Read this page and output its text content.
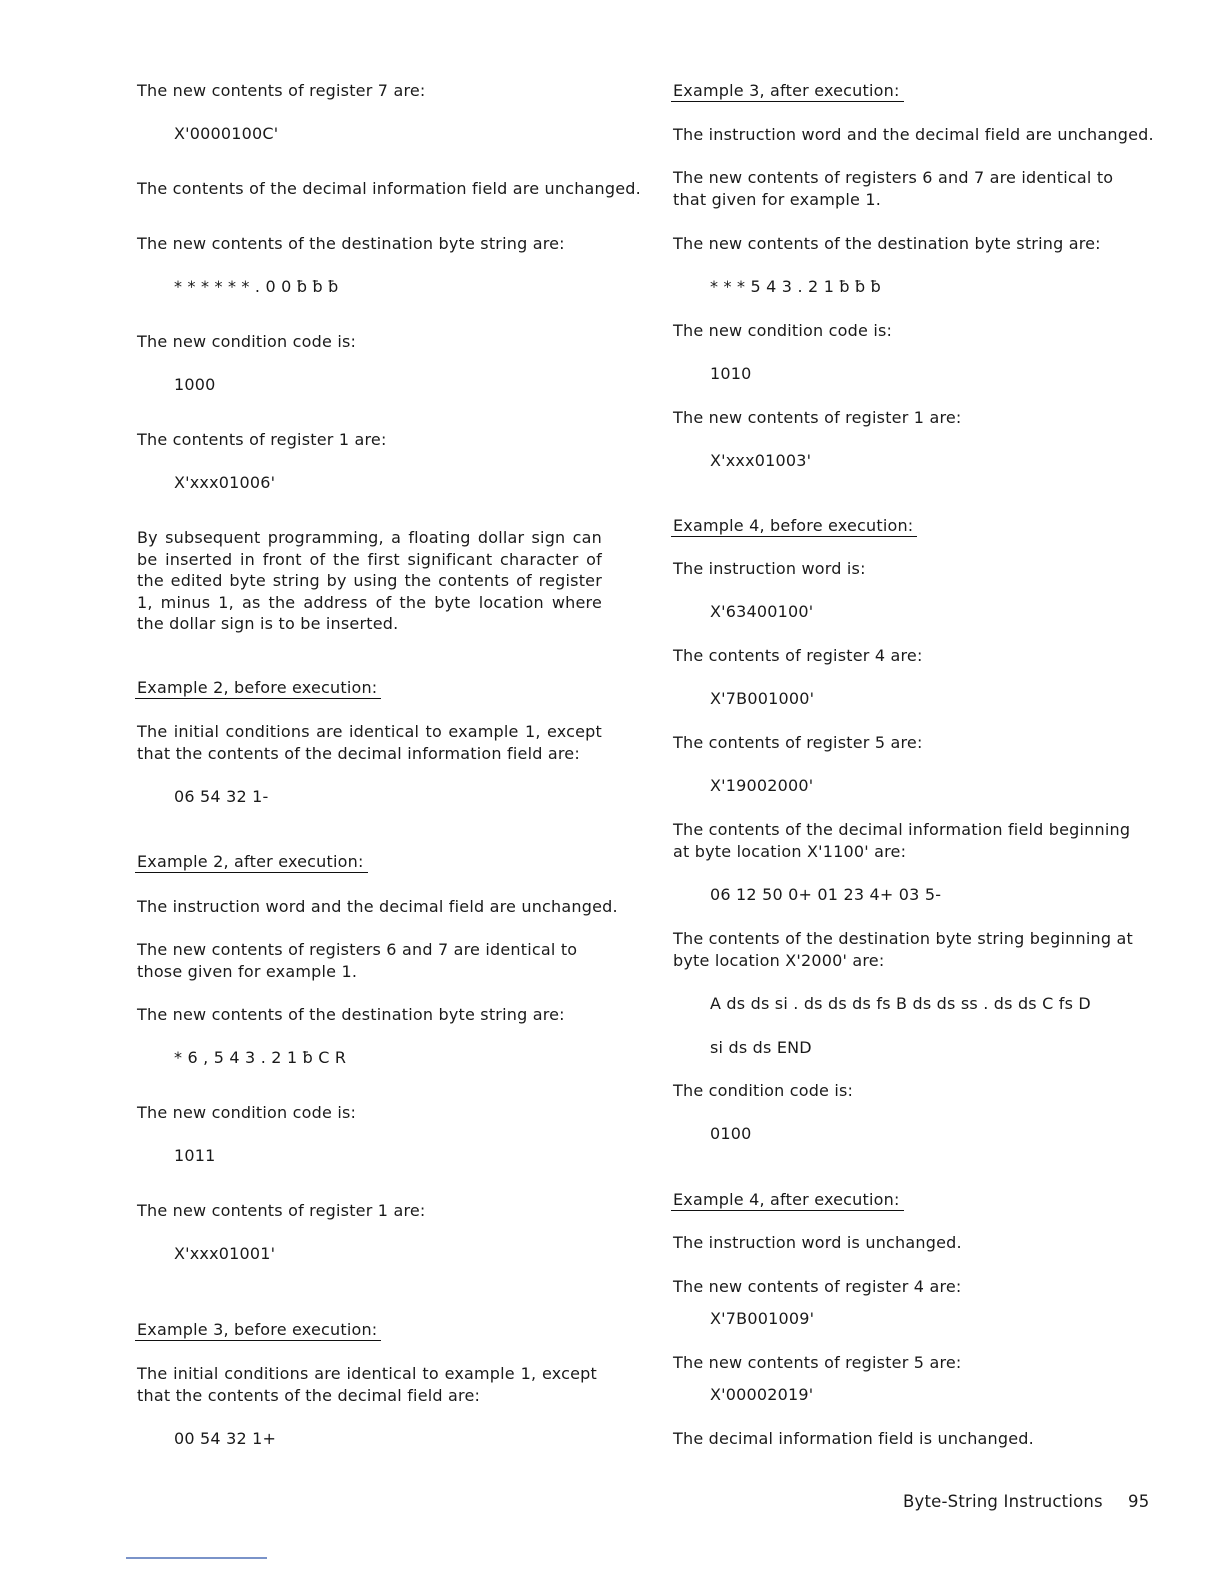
The new contents of register 7 are:
X'0000100C'
The contents of the decimal information field are unchanged.
The new contents of the destination byte string are:
* * * * * * . 0 0 ƀ ƀ ƀ
The new condition code is:
1000
The contents of register 1 are:
X'xxx01006'
By subsequent programming, a floating dollar sign can be inserted in front of the first significant character of the edited byte string by using the contents of register 1, minus 1, as the address of the byte location where the dollar sign is to be inserted.
Example 2, before execution:
The initial conditions are identical to example 1, except that the contents of the decimal information field are:
06 54 32 1-
Example 2, after execution:
The instruction word and the decimal field are unchanged.
The new contents of registers 6 and 7 are identical to those given for example 1.
The new contents of the destination byte string are:
* 6 , 5 4 3 . 2 1 ƀ C R
The new condition code is:
1011
The new contents of register 1 are:
X'xxx01001'
Example 3, before execution:
The initial conditions are identical to example 1, except that the contents of the decimal field are:
00 54 32 1+
Example 3, after execution:
The instruction word and the decimal field are unchanged.
The new contents of registers 6 and 7 are identical to that given for example 1.
The new contents of the destination byte string are:
* * * 5 4 3 . 2 1 ƀ ƀ ƀ
The new condition code is:
1010
The new contents of register 1 are:
X'xxx01003'
Example 4, before execution:
The instruction word is:
X'63400100'
The contents of register 4 are:
X'7B001000'
The contents of register 5 are:
X'19002000'
The contents of the decimal information field beginning at byte location X'1100' are:
06 12 50 0+ 01 23 4+ 03 5-
The contents of the destination byte string beginning at byte location X'2000' are:
A ds ds si . ds ds ds fs B ds ds ss . ds ds C fs D
si ds ds END
The condition code is:
0100
Example 4, after execution:
The instruction word is unchanged.
The new contents of register 4 are:
X'7B001009'
The new contents of register 5 are:
X'00002019'
The decimal information field is unchanged.
Byte-String Instructions 95
